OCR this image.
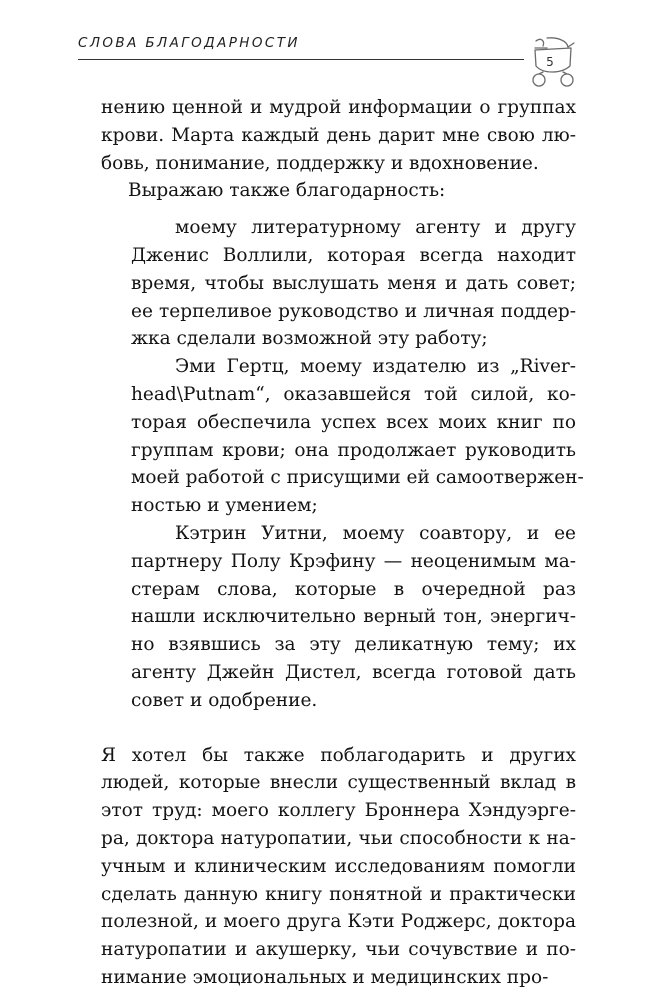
СЛОВА БЛАГОДАРНОСТИ
5
нению ценной и мудрой информации о группах
крови. Марта каждый день дарит мне свою лю-
бовь, понимание, поддержку и вдохновение.
Выражаю также благодарность:
моему литературному агенту и другу
Дженис Воллили, которая всегда находит
время, чтобы выслушать меня и дать совет;
ее терпеливое руководство и личная поддер-
жка сделали возможной эту работу;
Эми Гертц, моему издателю из „River-
head\Putnam“, оказавшейся той силой, ко-
торая обеспечила успех всех моих книг по
группам крови; она продолжает руководить
моей работой с присущими ей самоотвержен-
ностью и умением;
Кэтрин Уитни, моему соавтору, и ее
партнеру Полу Крэфину — неоценимым ма-
стерам слова, которые в очередной раз
нашли исключительно верный тон, энергич-
но взявшись за эту деликатную тему; их
агенту Джейн Дистел, всегда готовой дать
совет и одобрение.
Я хотел бы также поблагодарить и других
людей, которые внесли существенный вклад в
этот труд: моего коллегу Броннера Хэндуэрге-
ра, доктора натуропатии, чьи способности к на-
учным и клиническим исследованиям помогли
сделать данную книгу понятной и практически
полезной, и моего друга Кэти Роджерс, доктора
натуропатии и акушерку, чьи сочувствие и по-
нимание эмоциональных и медицинских про-
